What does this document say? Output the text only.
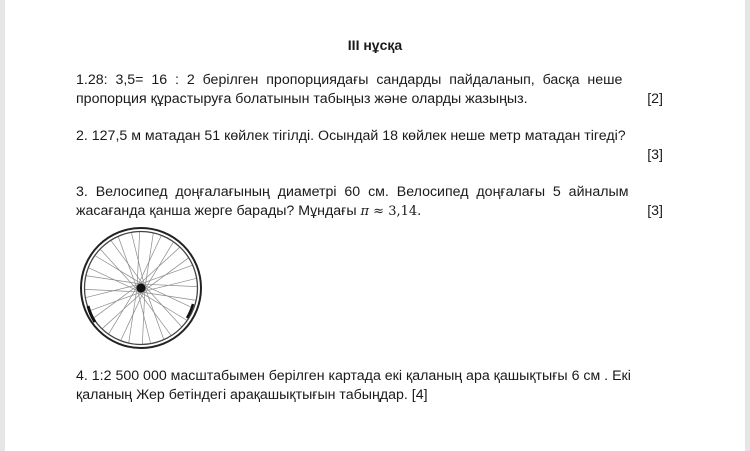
III нұсқа

1.28:  3,5=  16  :  2  берілген  пропорциядағы  сандарды  пайдаланып,  басқа  неше

пропорция құрастыруға болатынын табыңыз және оларды жазыңыз.	[2]

2. 127,5 м матадан 51 көйлек тігілді. Осындай 18 көйлек неше метр матадан тігеді?

[3]

3.  Велосипед  доңғалағының  диаметрі  60  см.  Велосипед  доңғалағы  5  айналым

жасағанда қанша жерге барады? Мұндағы π ≈ 3,14.	[3]

4. 1:2 500 000 масштабымен берілген картада екі қаланың ара қашықтығы 6 см . Екі

қаланың Жер бетіндегі арақашықтығын табыңдар. [4]
